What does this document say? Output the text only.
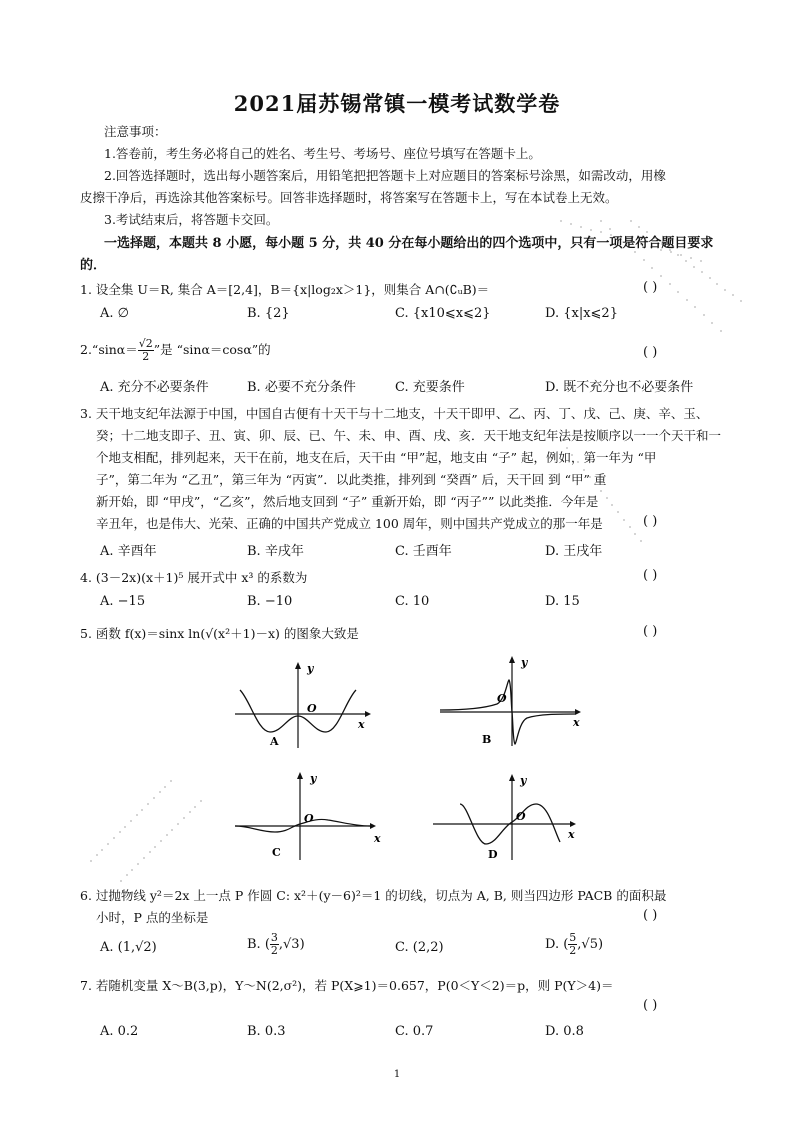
2021届苏锡常镇一模考试数学卷
注意事项：
1.答卷前，考生务必将自己的姓名、考生号、考场号、座位号填写在答题卡上。
2.回答选择题时，选出每小题答案后，用铅笔把把答题卡上对应题目的答案标号涂黑，如需改动，用橡
皮擦干净后，再选涂其他答案标号。回答非选择题时，将答案写在答题卡上，写在本试卷上无效。
3.考试结束后，将答题卡交回。
一选择题，本题共 8 小愿，每小题 5 分，共 40 分在每小题给出的四个选项中，只有一项是符合题目要求
的．
1. 设全集 U＝R, 集合 A＝[2,4]，B＝{x|log₂x＞1}，则集合 A∩(∁ᵤB)＝	( )
A. ∅	B. {2}	C. {x10⩽x⩽2}	D. {x|x⩽2}
2.“sinα＝ $\frac{√2}{2}$ ”是 “sinα＝cosα”的	( )
A. 充分不必要条件	B. 必要不充分条件	C. 充要条件	D. 既不充分也不必要条件
3. 天干地支纪年法源于中国，中国自古便有十天干与十二地支，十天干即甲、乙、丙、丁、戊、己、庚、辛、玉、
癸；十二地支即子、丑、寅、卯、辰、已、午、未、申、酉、戌、亥．天干地支纪年法是按顺序以一一个天干和一
个地支相配，排列起来，天干在前，地支在后，天干由 “甲”起，地支由 “子” 起，例如，第一年为 “甲
子”，第二年为 “乙丑”，第三年为 “丙寅”．以此类推，排列到 “癸酉” 后，天干回 到 “甲” 重
新开始，即 “甲戌”，“乙亥”，然后地支回到 “子” 重新开始，即 “丙子”” 以此类推．今年是
辛丑年，也是伟大、光荣、正确的中国共产党成立 100 周年，则中国共产党成立的那一年是	( )
A. 辛酉年	B. 辛戌年	C. 壬酉年	D. 王戌年
4. (3－2x)(x＋1)⁵ 展开式中 x³ 的系数为	( )
A. −15	B. −10	C. 10	D. 15
5. 函数 f(x)＝sinx ln(√(x²＋1)－x) 的图象大致是	( )
O
y
x
A
y
O
x
B
y
O
x
C
y
O
x
D
6. 过抛物线 y²＝2x 上一点 P 作圆 C: x²＋(y－6)²＝1 的切线，切点为 A, B, 则当四边形 PACB 的面积最
小时，P 点的坐标是	( )
A. (1,√2)	B. ( $\frac{3}{2} ,√3$)	C. (2,2)	D. ( $\frac{5}{2} ,√5$)
7. 若随机变量 X～B(3,p)，Y～N(2,σ²)，若 P(X⩾1)＝0.657，P(0＜Y＜2)＝p，则 P(Y＞4)＝
( )
A. 0.2	B. 0.3	C. 0.7	D. 0.8
1
